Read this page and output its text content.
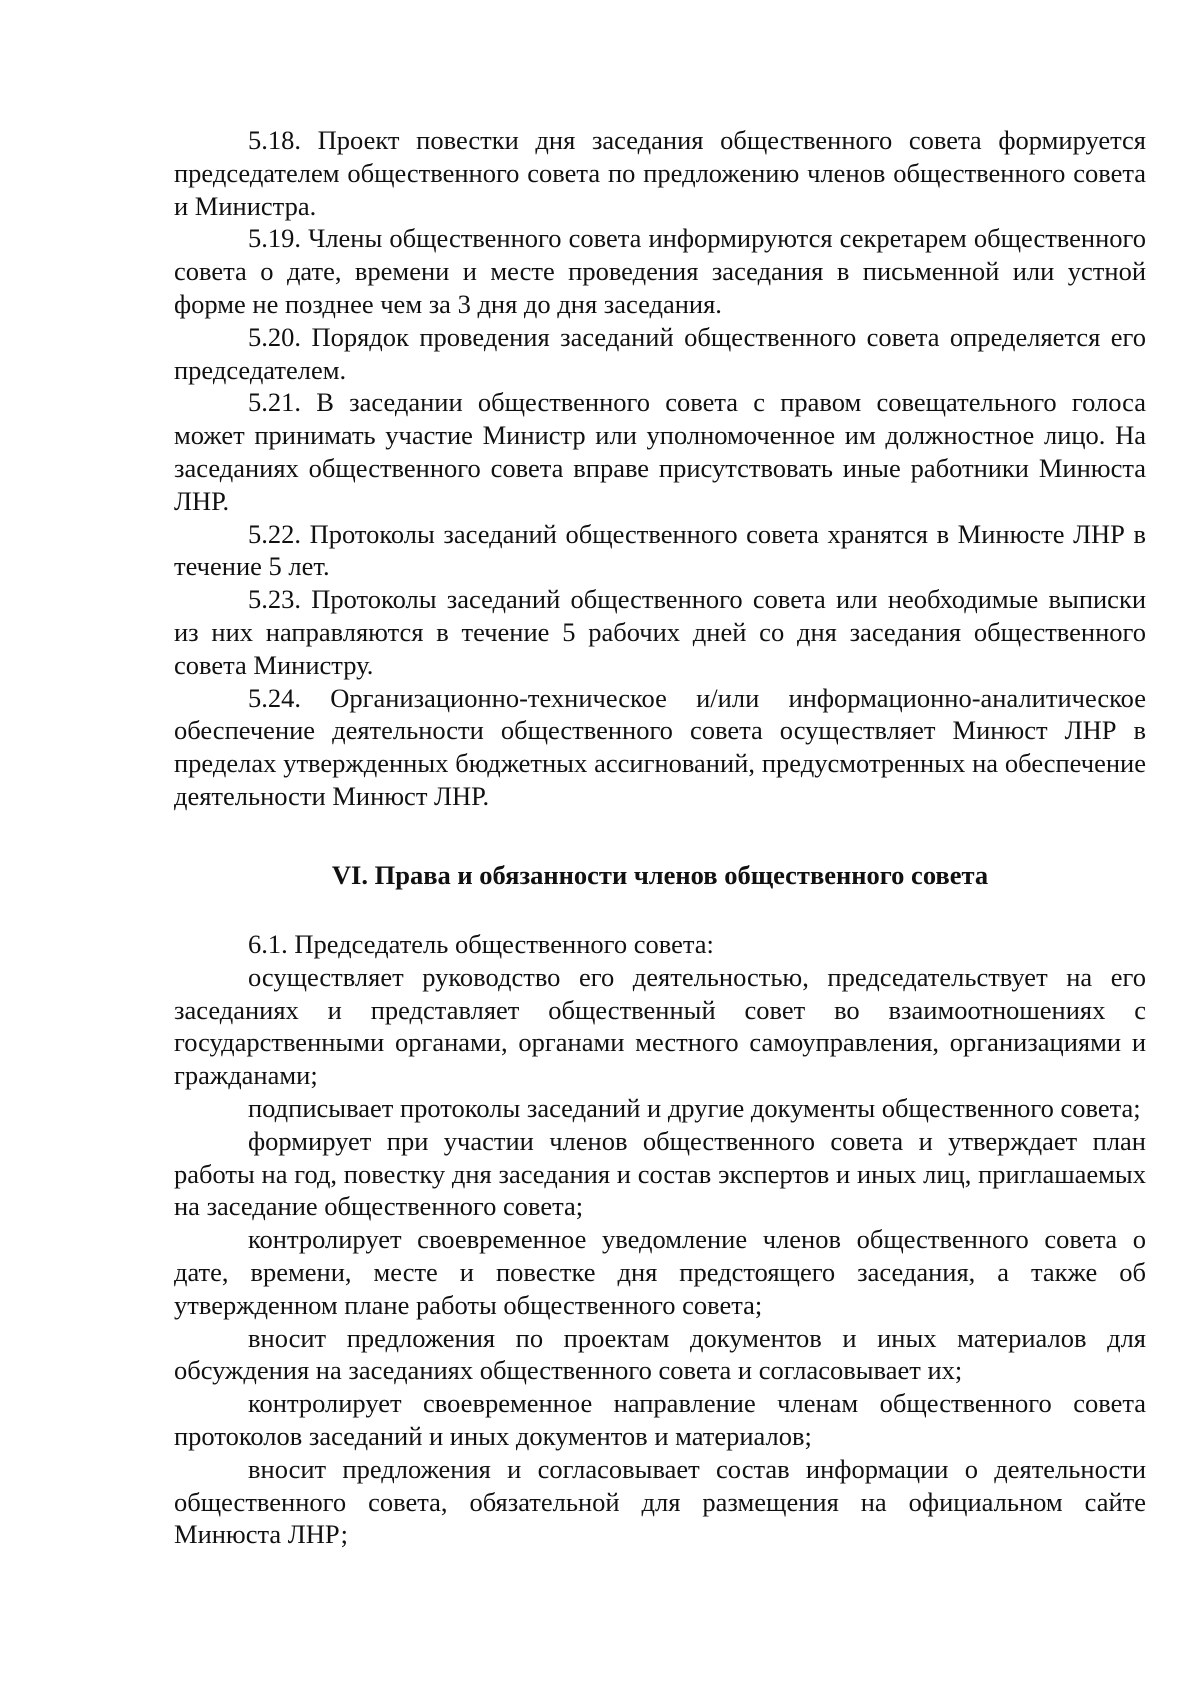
5.18. Проект повестки дня заседания общественного совета формируется председателем общественного совета по предложению членов общественного совета и Министра.

5.19. Члены общественного совета информируются секретарем общественного совета о дате, времени и месте проведения заседания в письменной или устной форме не позднее чем за 3 дня до дня заседания.

5.20. Порядок проведения заседаний общественного совета определяется его председателем.

5.21. В заседании общественного совета с правом совещательного голоса может принимать участие Министр или уполномоченное им должностное лицо. На заседаниях общественного совета вправе присутствовать иные работники Минюста ЛНР.

5.22. Протоколы заседаний общественного совета хранятся в Минюсте ЛНР в течение 5 лет.

5.23. Протоколы заседаний общественного совета или необходимые выписки из них направляются в течение 5 рабочих дней со дня заседания общественного совета Министру.

5.24. Организационно-техническое и/или информационно-аналитическое обеспечение деятельности общественного совета осуществляет Минюст ЛНР в пределах утвержденных бюджетных ассигнований, предусмотренных на обеспечение деятельности Минюст ЛНР.

VI. Права и обязанности членов общественного совета

6.1. Председатель общественного совета:

осуществляет руководство его деятельностью, председательствует на его заседаниях и представляет общественный совет во взаимоотношениях с государственными органами, органами местного самоуправления, организациями и гражданами;

подписывает протоколы заседаний и другие документы общественного совета;

формирует при участии членов общественного совета и утверждает план работы на год, повестку дня заседания и состав экспертов и иных лиц, приглашаемых на заседание общественного совета;

контролирует своевременное уведомление членов общественного совета о дате, времени, месте и повестке дня предстоящего заседания, а также об утвержденном плане работы общественного совета;

вносит предложения по проектам документов и иных материалов для обсуждения на заседаниях общественного совета и согласовывает их;

контролирует своевременное направление членам общественного совета протоколов заседаний и иных документов и материалов;

вносит предложения и согласовывает состав информации о деятельности общественного совета, обязательной для размещения на официальном сайте Минюста ЛНР;
